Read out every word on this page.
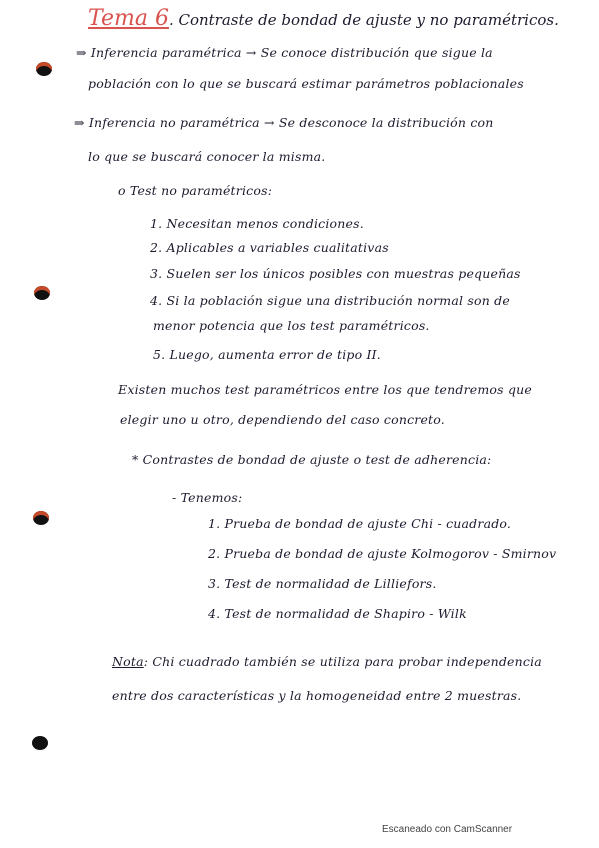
Tema 6. Contraste de bondad de ajuste y no paramétricos.
⇒ Inferencia paramétrica → Se conoce distribución que sigue la
población con lo que se buscará estimar parámetros poblacionales
⇒ Inferencia no paramétrica → Se desconoce la distribución con
lo que se buscará conocer la misma.
o Test no paramétricos:
1. Necesitan menos condiciones.
2. Aplicables a variables cualitativas
3. Suelen ser los únicos posibles con muestras pequeñas
4. Si la población sigue una distribución normal son de
menor potencia que los test paramétricos.
5. Luego, aumenta error de tipo II.
Existen muchos test paramétricos entre los que tendremos que
elegir uno u otro, dependiendo del caso concreto.
* Contrastes de bondad de ajuste o test de adherencia:
- Tenemos:
1. Prueba de bondad de ajuste Chi - cuadrado.
2. Prueba de bondad de ajuste Kolmogorov - Smirnov
3. Test de normalidad de Lilliefors.
4. Test de normalidad de Shapiro - Wilk
Nota: Chi cuadrado también se utiliza para probar independencia
entre dos características y la homogeneidad entre 2 muestras.
Escaneado con CamScanner
